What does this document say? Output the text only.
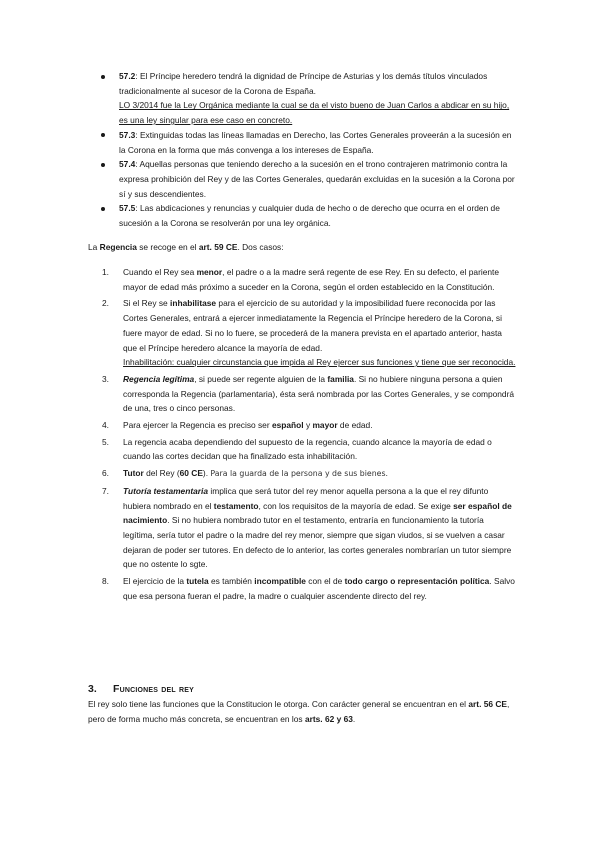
57.2: El Príncipe heredero tendrá la dignidad de Príncipe de Asturias y los demás títulos vinculados tradicionalmente al sucesor de la Corona de España.
LO 3/2014 fue la Ley Orgánica mediante la cual se da el visto bueno de Juan Carlos a abdicar en su hijo, es una ley singular para ese caso en concreto.
57.3: Extinguidas todas las líneas llamadas en Derecho, las Cortes Generales proveerán a la sucesión en la Corona en la forma que más convenga a los intereses de España.
57.4: Aquellas personas que teniendo derecho a la sucesión en el trono contrajeren matrimonio contra la expresa prohibición del Rey y de las Cortes Generales, quedarán excluidas en la sucesión a la Corona por sí y sus descendientes.
57.5: Las abdicaciones y renuncias y cualquier duda de hecho o de derecho que ocurra en el orden de sucesión a la Corona se resolverán por una ley orgánica.

La Regencia se recoge en el art. 59 CE. Dos casos:

1. Cuando el Rey sea menor, el padre o a la madre será regente de ese Rey. En su defecto, el pariente mayor de edad más próximo a suceder en la Corona, según el orden establecido en la Constitución.
2. Si el Rey se inhabilitase para el ejercicio de su autoridad y la imposibilidad fuere reconocida por las Cortes Generales, entrará a ejercer inmediatamente la Regencia el Príncipe heredero de la Corona, si fuere mayor de edad. Si no lo fuere, se procederá de la manera prevista en el apartado anterior, hasta que el Príncipe heredero alcance la mayoría de edad.
Inhabilitación: cualquier circunstancia que impida al Rey ejercer sus funciones y tiene que ser reconocida.
3. Regencia legítima, si puede ser regente alguien de la familia. Si no hubiere ninguna persona a quien corresponda la Regencia (parlamentaria), ésta será nombrada por las Cortes Generales, y se compondrá de una, tres o cinco personas.
4. Para ejercer la Regencia es preciso ser español y mayor de edad.
5. La regencia acaba dependiendo del supuesto de la regencia, cuando alcance la mayoría de edad o cuando las cortes decidan que ha finalizado esta inhabilitación.
6. Tutor del Rey (60 CE). Para la guarda de la persona y de sus bienes.
7. Tutoría testamentaria implica que será tutor del rey menor aquella persona a la que el rey difunto hubiera nombrado en el testamento, con los requisitos de la mayoría de edad. Se exige ser español de nacimiento. Si no hubiera nombrado tutor en el testamento, entraría en funcionamiento la tutoría legítima, sería tutor el padre o la madre del rey menor, siempre que sigan viudos, si se vuelven a casar dejaran de poder ser tutores. En defecto de lo anterior, las cortes generales nombrarían un tutor siempre que no ostente lo sgte.
8. El ejercicio de la tutela es también incompatible con el de todo cargo o representación política. Salvo que esa persona fueran el padre, la madre o cualquier ascendente directo del rey.
3. Funciones del rey

El rey solo tiene las funciones que la Constitucion le otorga. Con carácter general se encuentran en el art. 56 CE, pero de forma mucho más concreta, se encuentran en los arts. 62 y 63.
